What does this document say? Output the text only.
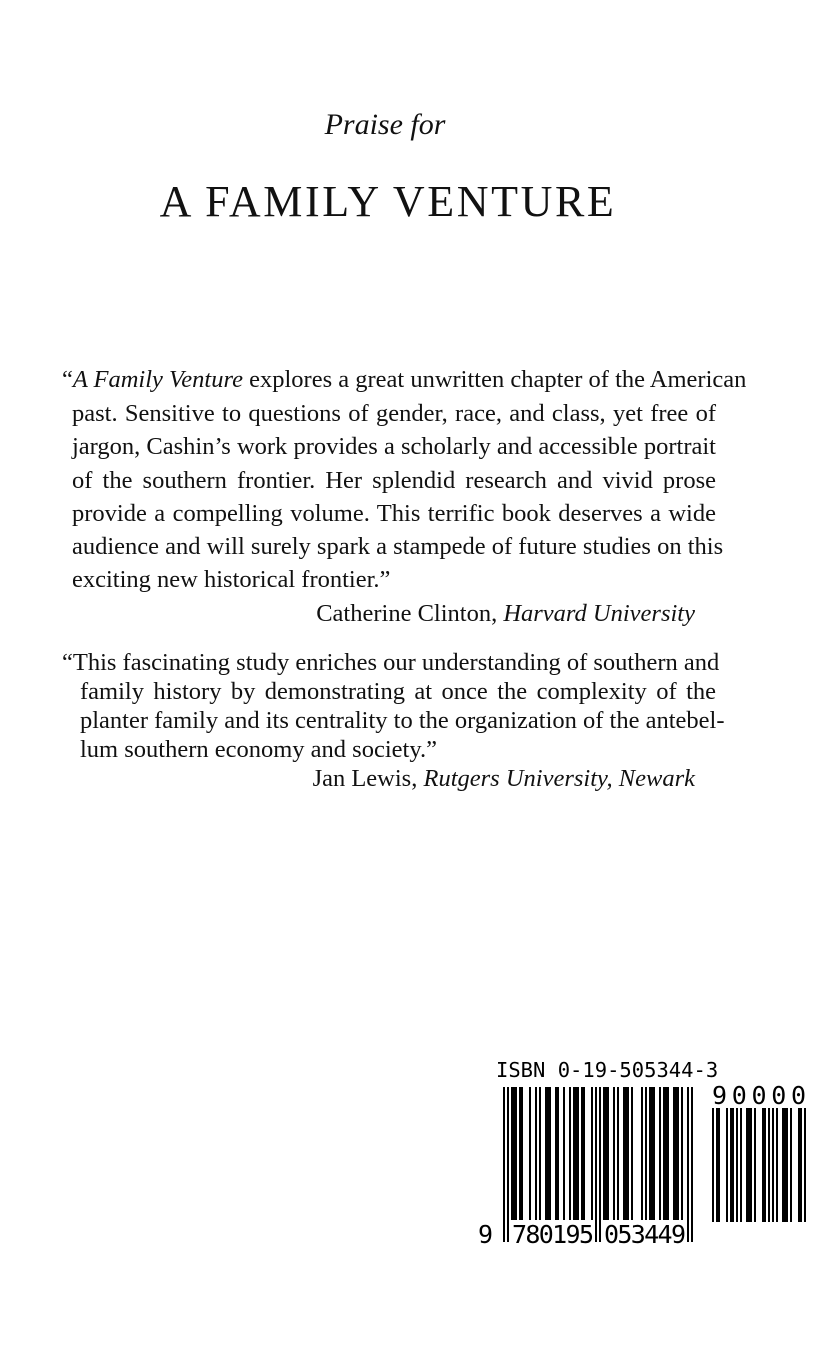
Praise for
A FAMILY VENTURE
“A Family Venture explores a great unwritten chapter of the American
past. Sensitive to questions of gender, race, and class, yet free of
jargon, Cashin’s work provides a scholarly and accessible portrait
of the southern frontier. Her splendid research and vivid prose
provide a compelling volume. This terrific book deserves a wide
audience and will surely spark a stampede of future studies on this
exciting new historical frontier.”
Catherine Clinton, Harvard University
“This fascinating study enriches our understanding of southern and
family history by demonstrating at once the complexity of the
planter family and its centrality to the organization of the antebel-
lum southern economy and society.”
Jan Lewis, Rutgers University, Newark
ISBN 0-19-505344-3
9 780195 053449
90000
